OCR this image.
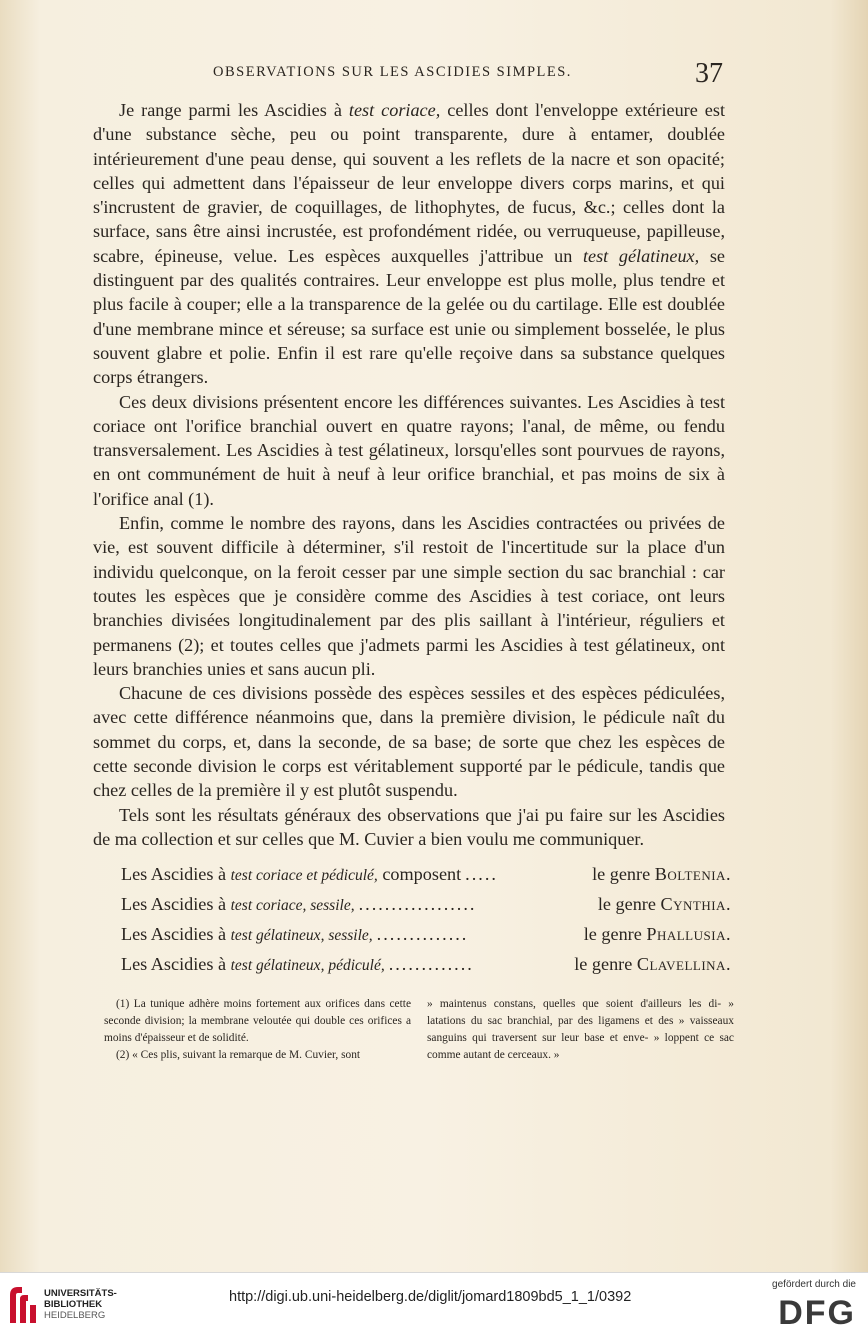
OBSERVATIONS SUR LES ASCIDIES SIMPLES.	37

Je range parmi les Ascidies à test coriace, celles dont l'enveloppe extérieure est d'une substance sèche, peu ou point transparente, dure à entamer, doublée intérieurement d'une peau dense, qui souvent a les reflets de la nacre et son opacité; celles qui admettent dans l'épaisseur de leur enveloppe divers corps marins, et qui s'incrustent de gravier, de coquillages, de lithophytes, de fucus, &c.; celles dont la surface, sans être ainsi incrustée, est profondément ridée, ou verruqueuse, papilleuse, scabre, épineuse, velue. Les espèces auxquelles j'attribue un test gélatineux, se distinguent par des qualités contraires. Leur enveloppe est plus molle, plus tendre et plus facile à couper; elle a la transparence de la gelée ou du cartilage. Elle est doublée d'une membrane mince et séreuse; sa surface est unie ou simplement bosselée, le plus souvent glabre et polie. Enfin il est rare qu'elle reçoive dans sa substance quelques corps étrangers.

Ces deux divisions présentent encore les différences suivantes. Les Ascidies à test coriace ont l'orifice branchial ouvert en quatre rayons; l'anal, de même, ou fendu transversalement. Les Ascidies à test gélatineux, lorsqu'elles sont pourvues de rayons, en ont communément de huit à neuf à leur orifice branchial, et pas moins de six à l'orifice anal (1).

Enfin, comme le nombre des rayons, dans les Ascidies contractées ou privées de vie, est souvent difficile à déterminer, s'il restoit de l'incertitude sur la place d'un individu quelconque, on la feroit cesser par une simple section du sac branchial : car toutes les espèces que je considère comme des Ascidies à test coriace, ont leurs branchies divisées longitudinalement par des plis saillant à l'intérieur, réguliers et permanens (2); et toutes celles que j'admets parmi les Ascidies à test gélatineux, ont leurs branchies unies et sans aucun pli.

Chacune de ces divisions possède des espèces sessiles et des espèces pédiculées, avec cette différence néanmoins que, dans la première division, le pédicule naît du sommet du corps, et, dans la seconde, de sa base; de sorte que chez les espèces de cette seconde division le corps est véritablement supporté par le pédicule, tandis que chez celles de la première il y est plutôt suspendu.

Tels sont les résultats généraux des observations que j'ai pu faire sur les Ascidies de ma collection et sur celles que M. Cuvier a bien voulu me communiquer.

Les Ascidies à test coriace et pédiculé, composent .....	le genre Boltenia.
Les Ascidies à test coriace, sessile, ..................	le genre Cynthia.
Les Ascidies à test gélatineux, sessile, ..............	le genre Phallusia.
Les Ascidies à test gélatineux, pédiculé, .............	le genre Clavellina.

(1) La tunique adhère moins fortement aux orifices dans cette seconde division; la membrane veloutée qui double ces orifices a moins d'épaisseur et de solidité.

(2) « Ces plis, suivant la remarque de M. Cuvier, sont

» maintenus constans, quelles que soient d'ailleurs les di- » latations du sac branchial, par des ligamens et des » vaisseaux sanguins qui traversent sur leur base et enve- » loppent ce sac comme autant de cerceaux. »

UNIVERSITÄTS-
BIBLIOTHEK
HEIDELBERG
http://digi.ub.uni-heidelberg.de/diglit/jomard1809bd5_1_1/0392
gefördert durch die
DFG
